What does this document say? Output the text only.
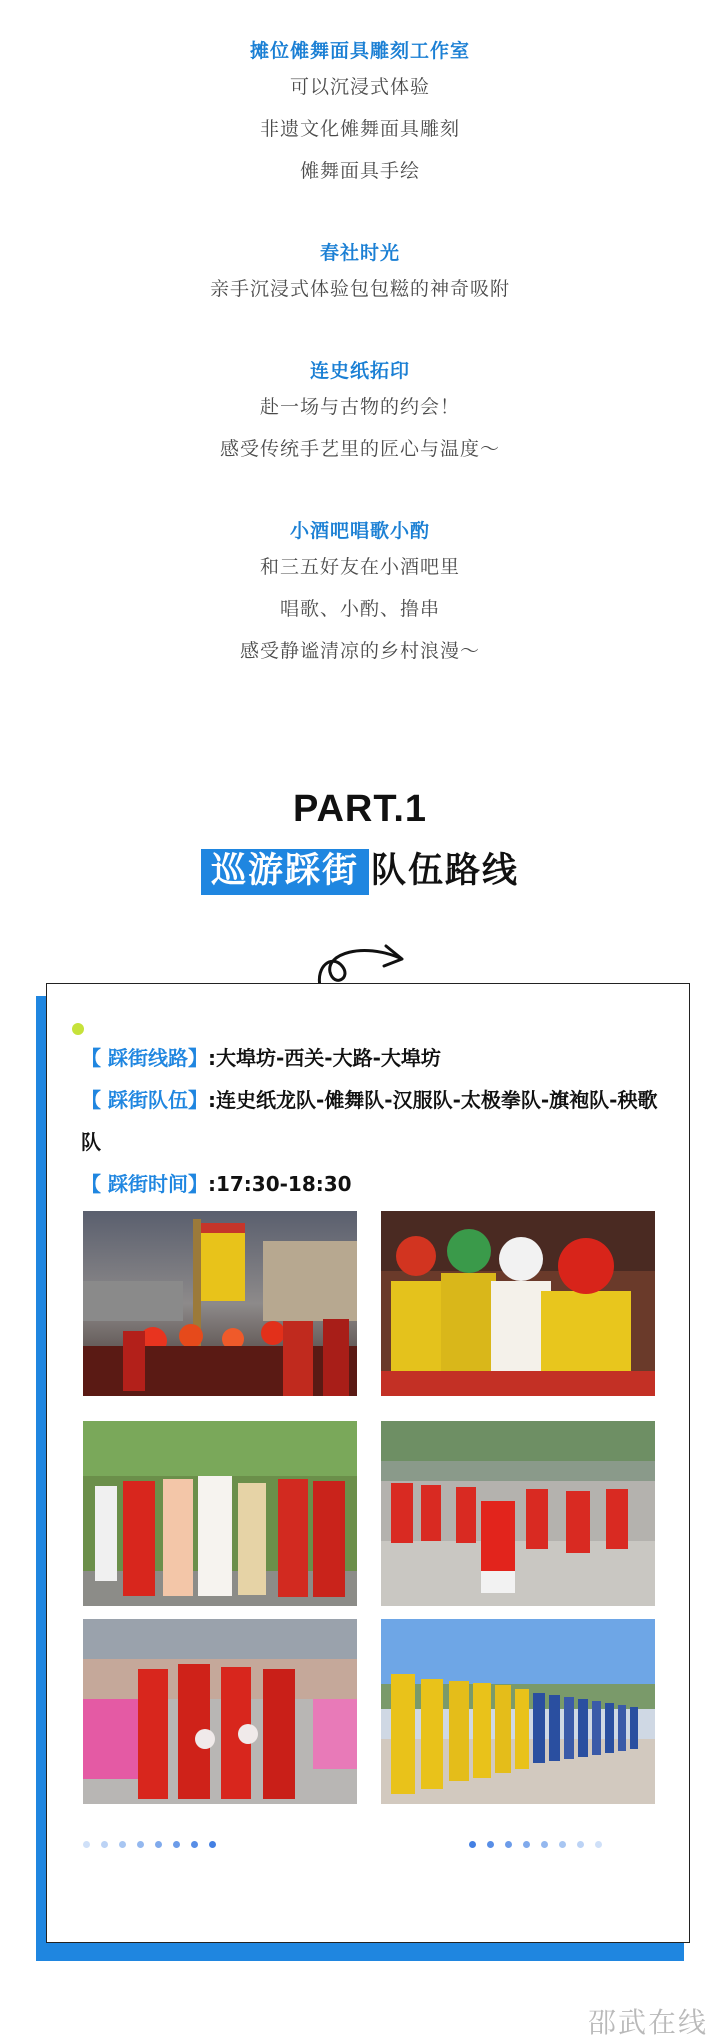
摊位傩舞面具雕刻工作室
可以沉浸式体验
非遗文化傩舞面具雕刻
傩舞面具手绘
春社时光
亲手沉浸式体验包包糍的神奇吸附
连史纸拓印
赴一场与古物的约会！
感受传统手艺里的匠心与温度～
小酒吧唱歌小酌
和三五好友在小酒吧里
唱歌、小酌、撸串
感受静谧清凉的乡村浪漫～
PART.1
巡游踩街 队伍路线
【 踩街线路】:大埠坊-西关-大路-大埠坊
【 踩街队伍】:连史纸龙队-傩舞队-汉服队-太极拳队-旗袍队-秧歌队
【 踩街时间】:17:30-18:30
邵武在线
